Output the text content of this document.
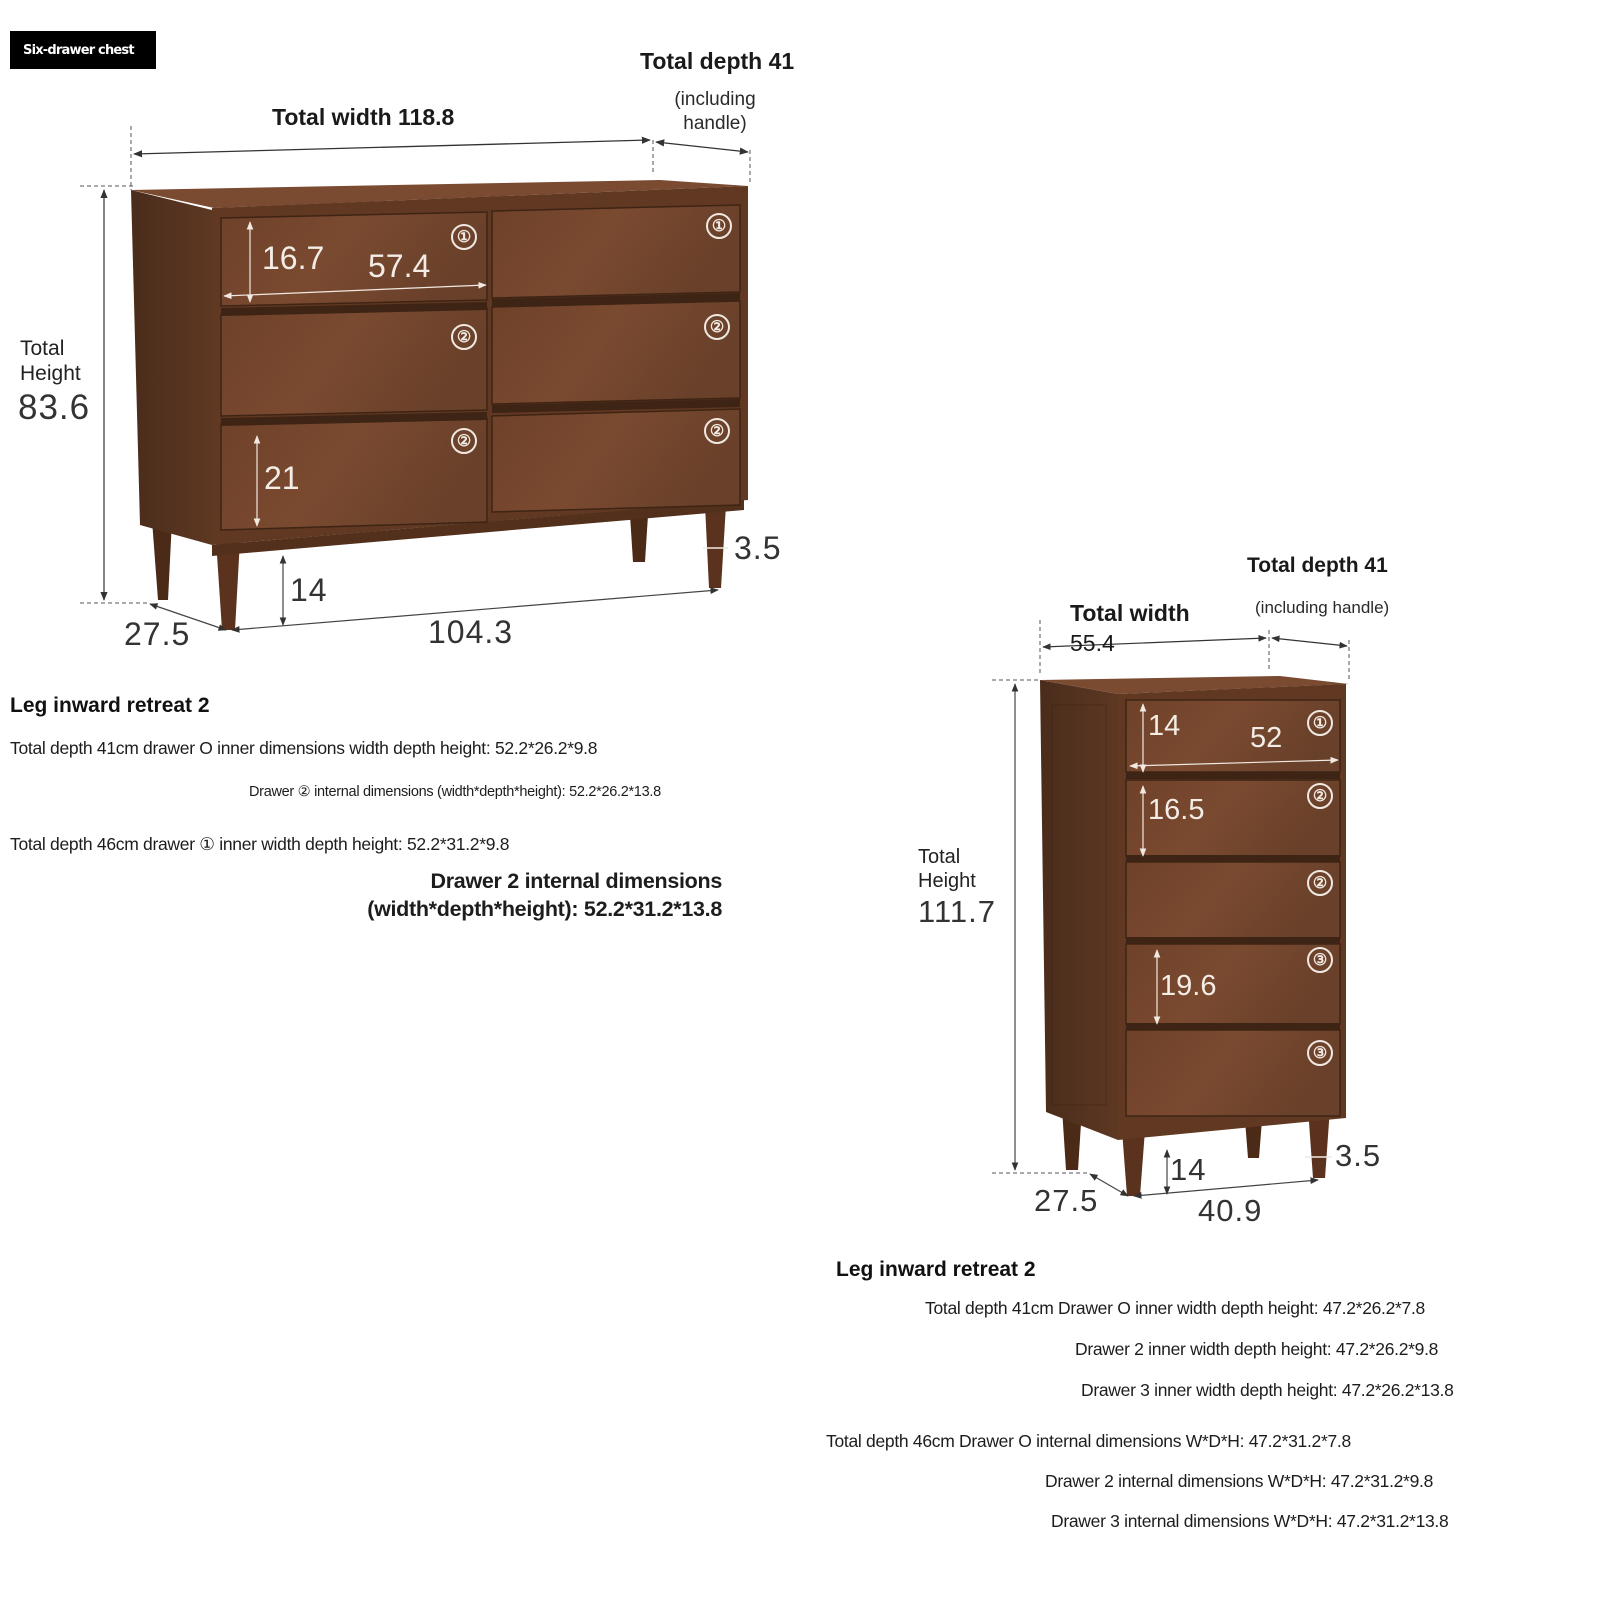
Six-drawer chest
Total width 118.8
Total depth 41
(including handle)
Total
Height
83.6
16.7 57.4
21
①
①
②
②
②
②
3.5
14
27.5	104.3
Leg inward retreat 2
Total depth 41cm drawer O inner dimensions width depth height: 52.2*26.2*9.8
Drawer ② internal dimensions (width*depth*height): 52.2*26.2*13.8
Total depth 46cm drawer ① inner width depth height: 52.2*31.2*9.8
Drawer 2 internal dimensions
(width*depth*height): 52.2*31.2*13.8
Total depth 41
(including handle)
Total width
55.4
Total
Height
111.7
14 52
16.5
19.6
①
②
②
③
③
3.5
14
27.5	40.9
Leg inward retreat 2
Total depth 41cm Drawer O inner width depth height: 47.2*26.2*7.8
Drawer 2 inner width depth height: 47.2*26.2*9.8
Drawer 3 inner width depth height: 47.2*26.2*13.8
Total depth 46cm Drawer O internal dimensions W*D*H: 47.2*31.2*7.8
Drawer 2 internal dimensions W*D*H: 47.2*31.2*9.8
Drawer 3 internal dimensions W*D*H: 47.2*31.2*13.8
